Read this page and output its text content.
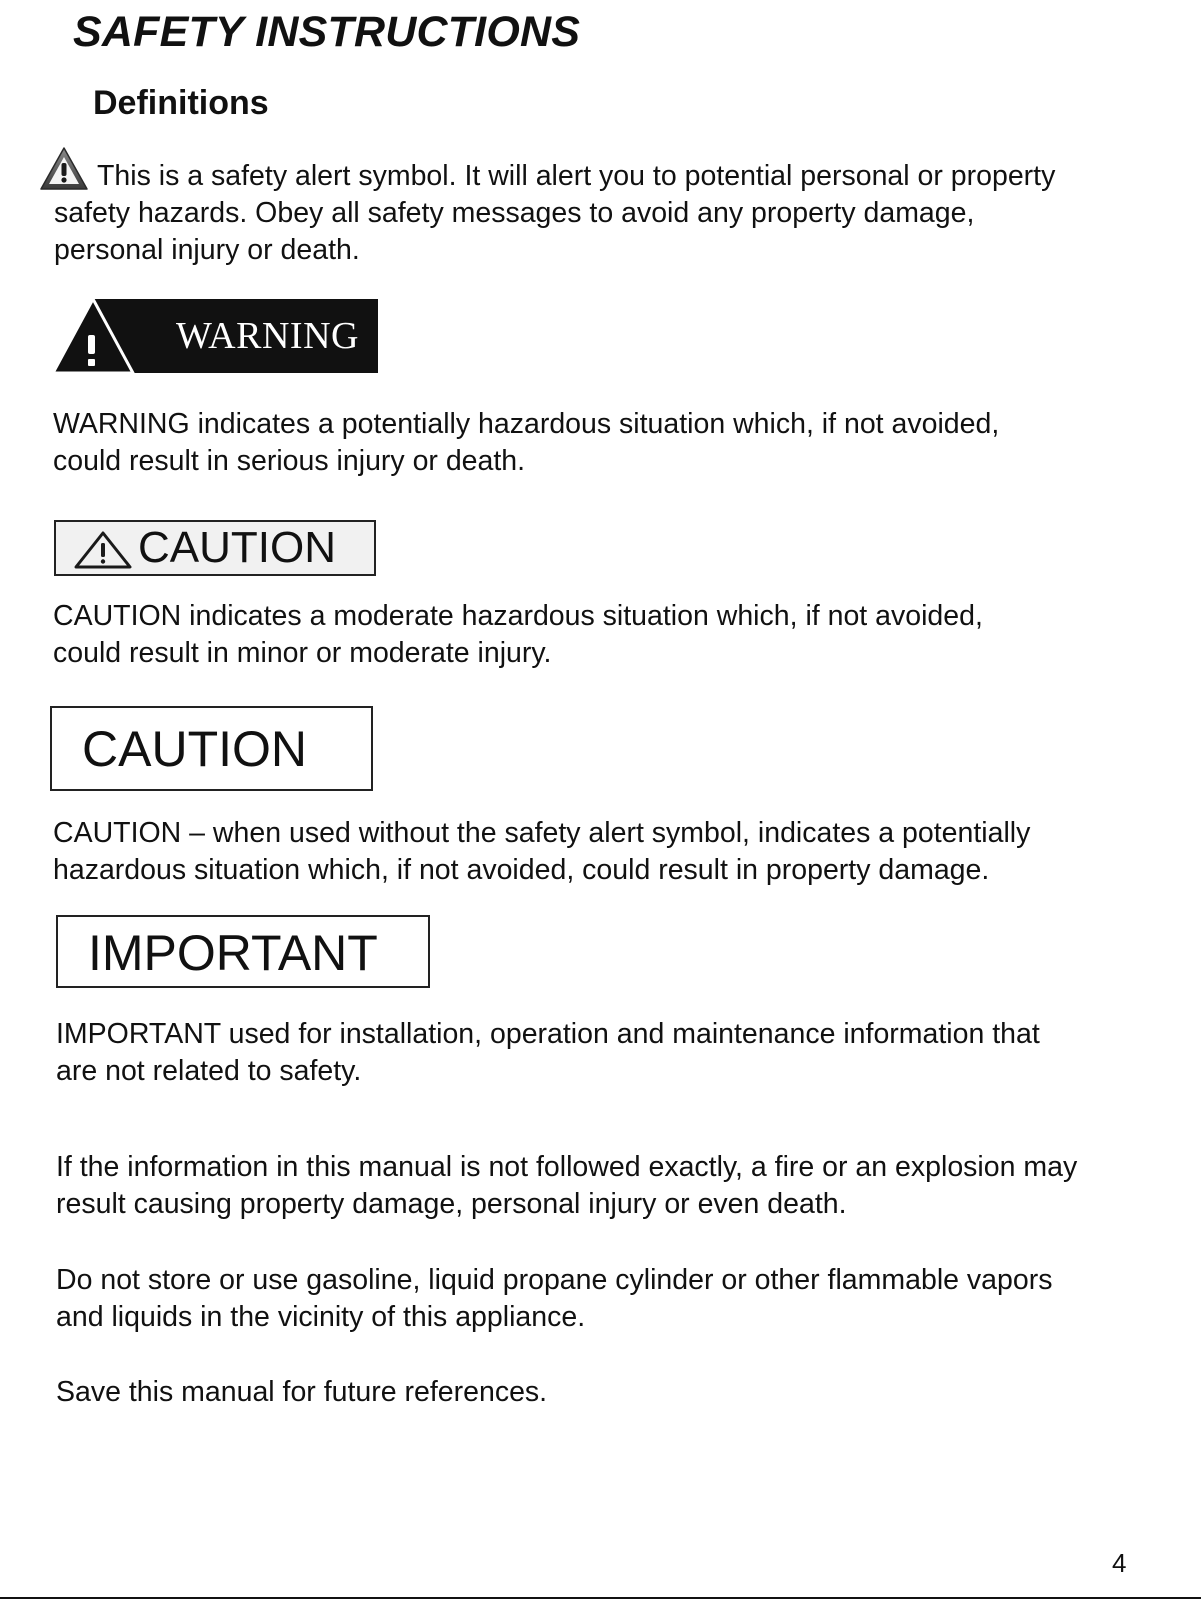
SAFETY INSTRUCTIONS
Definitions

This is a safety alert symbol. It will alert you to potential personal or property

safety hazards. Obey all safety messages to avoid any property damage,

personal injury or death.

WARNING

WARNING indicates a potentially hazardous situation which, if not avoided,

could result in serious injury or death.

CAUTION

CAUTION indicates a moderate hazardous situation which, if not avoided,

could result in minor or moderate injury.

CAUTION

CAUTION – when used without the safety alert symbol, indicates a potentially

hazardous situation which, if not avoided, could result in property damage.

IMPORTANT

IMPORTANT used for installation, operation and maintenance information that

are not related to safety.

If the information in this manual is not followed exactly, a fire or an explosion may

result causing property damage, personal injury or even death.

Do not store or use gasoline, liquid propane cylinder or other flammable vapors

and liquids in the vicinity of this appliance.

Save this manual for future references.

4
